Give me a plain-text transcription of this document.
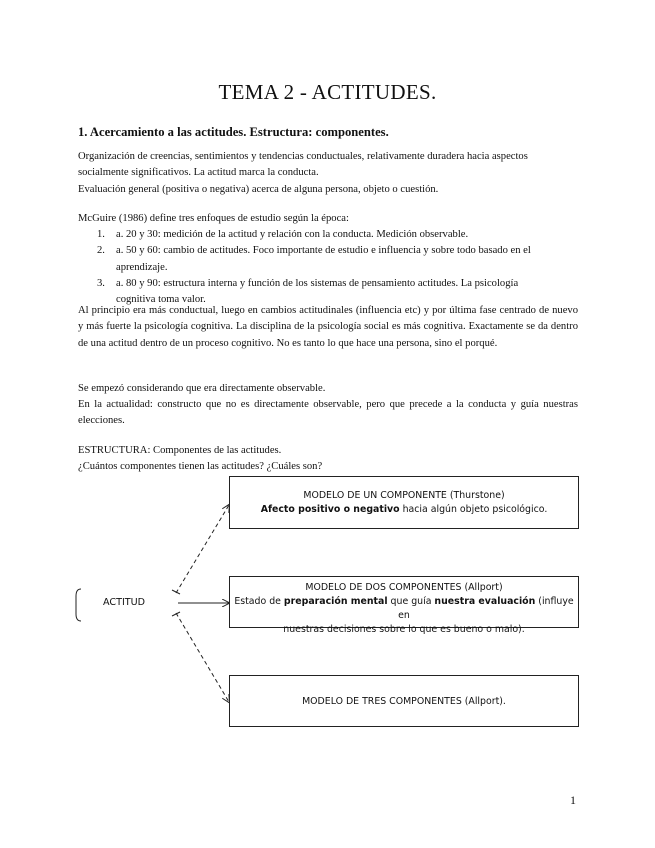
TEMA 2 - ACTITUDES.
1. Acercamiento a las actitudes. Estructura: componentes.
Organización de creencias, sentimientos y tendencias conductuales, relativamente duradera hacia aspectos
socialmente significativos. La actitud marca la conducta.
Evaluación general (positiva o negativa) acerca de alguna persona, objeto o cuestión.
McGuire (1986) define tres enfoques de estudio según la época:
1. a. 20 y 30: medición de la actitud y relación con la conducta. Medición observable.
2. a. 50 y 60: cambio de actitudes. Foco importante de estudio e influencia y sobre todo basado en el
aprendizaje.
3. a. 80 y 90: estructura interna y función de los sistemas de pensamiento actitudes. La psicología
cognitiva toma valor.
Al principio era más conductual, luego en cambios actitudinales (influencia etc) y por última fase centrado de nuevo y más fuerte la psicología cognitiva. La disciplina de la psicología social es más cognitiva. Exactamente se da dentro de una actitud dentro de un proceso cognitivo. No es tanto lo que hace una persona, sino el porqué.
Se empezó considerando que era directamente observable.
En la actualidad: constructo que no es directamente observable, pero que precede a la conducta y guía nuestras elecciones.
ESTRUCTURA: Componentes de las actitudes.
¿Cuántos componentes tienen las actitudes? ¿Cuáles son?
ACTITUD
MODELO DE UN COMPONENTE (Thurstone)
Afecto positivo o negativo hacia algún objeto psicológico.
MODELO DE DOS COMPONENTES (Allport)
Estado de preparación mental que guía nuestra evaluación (influye en
nuestras decisiones sobre lo que es bueno o malo).
MODELO DE TRES COMPONENTES (Allport).
1
